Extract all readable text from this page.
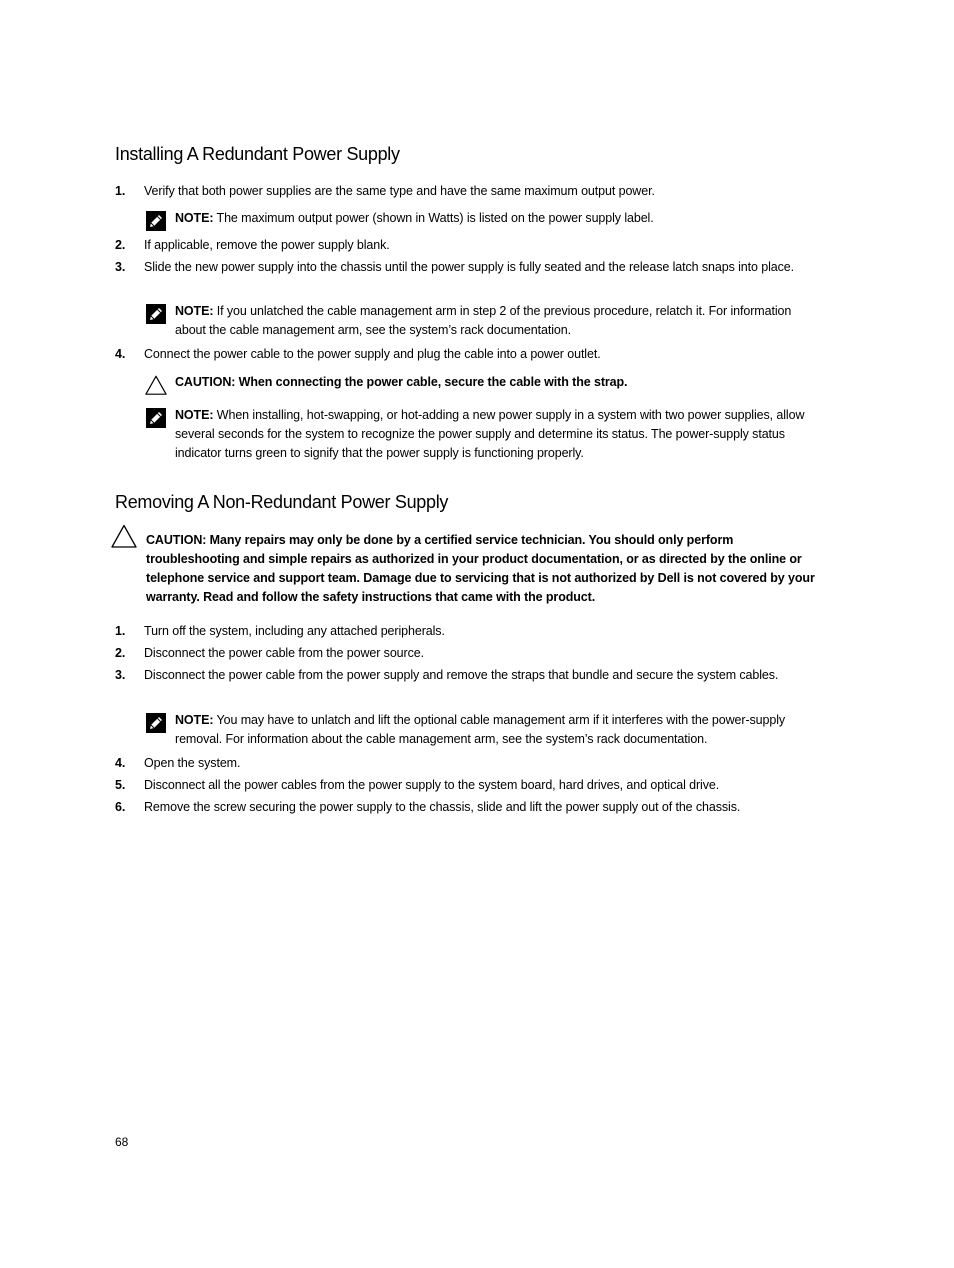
Installing A Redundant Power Supply
1. Verify that both power supplies are the same type and have the same maximum output power.
NOTE: The maximum output power (shown in Watts) is listed on the power supply label.
2. If applicable, remove the power supply blank.
3. Slide the new power supply into the chassis until the power supply is fully seated and the release latch snaps into place.
NOTE: If you unlatched the cable management arm in step 2 of the previous procedure, relatch it. For information about the cable management arm, see the system’s rack documentation.
4. Connect the power cable to the power supply and plug the cable into a power outlet.
CAUTION: When connecting the power cable, secure the cable with the strap.
NOTE: When installing, hot-swapping, or hot-adding a new power supply in a system with two power supplies, allow several seconds for the system to recognize the power supply and determine its status. The power-supply status indicator turns green to signify that the power supply is functioning properly.
Removing A Non-Redundant Power Supply
CAUTION: Many repairs may only be done by a certified service technician. You should only perform troubleshooting and simple repairs as authorized in your product documentation, or as directed by the online or telephone service and support team. Damage due to servicing that is not authorized by Dell is not covered by your warranty. Read and follow the safety instructions that came with the product.
1. Turn off the system, including any attached peripherals.
2. Disconnect the power cable from the power source.
3. Disconnect the power cable from the power supply and remove the straps that bundle and secure the system cables.
NOTE: You may have to unlatch and lift the optional cable management arm if it interferes with the power-supply removal. For information about the cable management arm, see the system’s rack documentation.
4. Open the system.
5. Disconnect all the power cables from the power supply to the system board, hard drives, and optical drive.
6. Remove the screw securing the power supply to the chassis, slide and lift the power supply out of the chassis.
68
